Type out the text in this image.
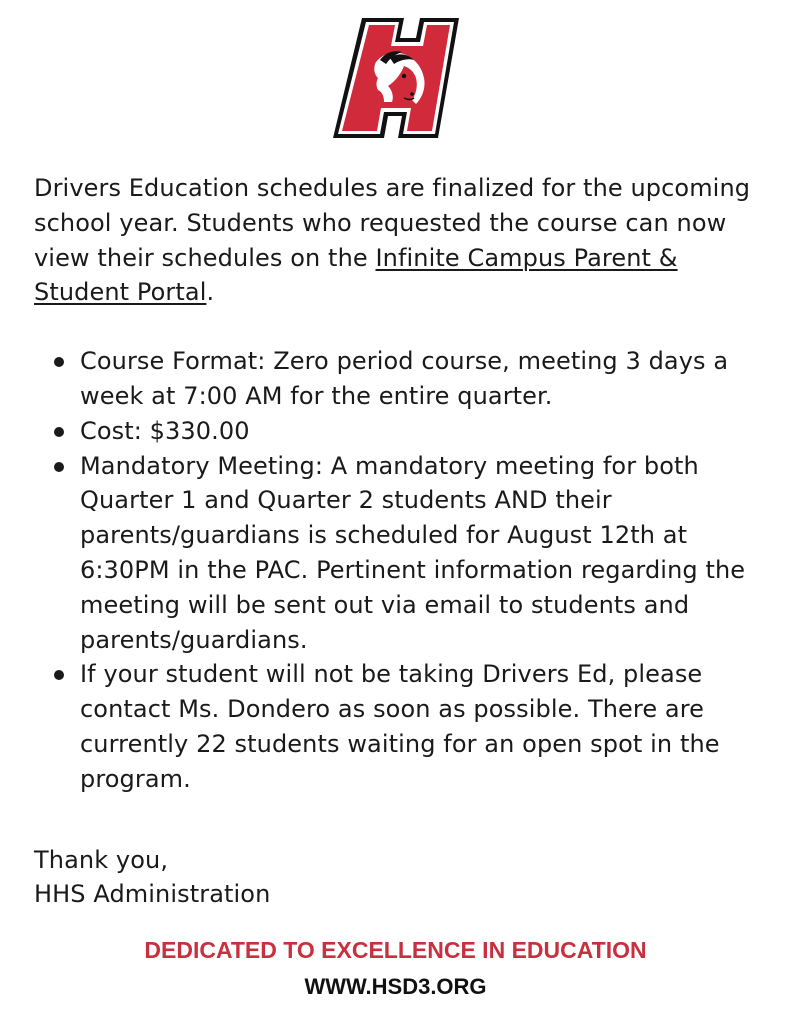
Drivers Education schedules are finalized for the upcoming school year. Students who requested the course can now view their schedules on the Infinite Campus Parent & Student Portal.

Course Format: Zero period course, meeting 3 days a week at 7:00 AM for the entire quarter.
Cost: $330.00
Mandatory Meeting: A mandatory meeting for both Quarter 1 and Quarter 2 students AND their parents/guardians is scheduled for August 12th at 6:30PM in the PAC. Pertinent information regarding the meeting will be sent out via email to students and parents/guardians.
If your student will not be taking Drivers Ed, please contact Ms. Dondero as soon as possible. There are currently 22 students waiting for an open spot in the program.

Thank you,
HHS Administration

DEDICATED TO EXCELLENCE IN EDUCATION

WWW.HSD3.ORG
